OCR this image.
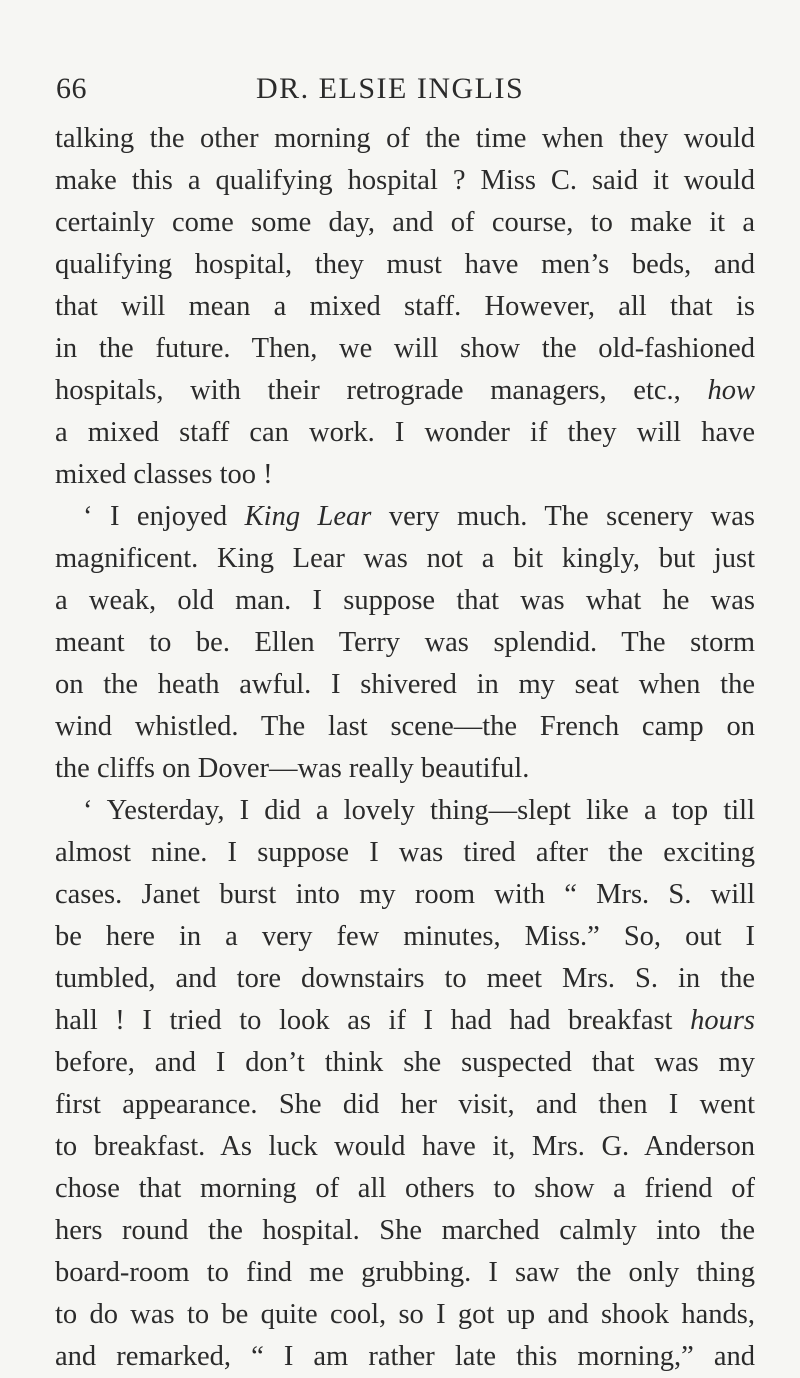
66	DR. ELSIE INGLIS
talking the other morning of the time when they would
make this a qualifying hospital ? Miss C. said it would
certainly come some day, and of course, to make it a
qualifying hospital, they must have men’s beds, and
that will mean a mixed staff. However, all that is
in the future. Then, we will show the old-fashioned
hospitals, with their retrograde managers, etc., how
a mixed staff can work. I wonder if they will have
mixed classes too !
‘ I enjoyed King Lear very much. The scenery was
magnificent. King Lear was not a bit kingly, but just
a weak, old man. I suppose that was what he was
meant to be. Ellen Terry was splendid. The storm
on the heath awful. I shivered in my seat when the
wind whistled. The last scene—the French camp on
the cliffs on Dover—was really beautiful.
‘ Yesterday, I did a lovely thing—slept like a top till
almost nine. I suppose I was tired after the exciting
cases. Janet burst into my room with “ Mrs. S. will
be here in a very few minutes, Miss.” So, out I
tumbled, and tore downstairs to meet Mrs. S. in the
hall ! I tried to look as if I had had breakfast hours
before, and I don’t think she suspected that was my
first appearance. She did her visit, and then I went
to breakfast. As luck would have it, Mrs. G. Anderson
chose that morning of all others to show a friend of
hers round the hospital. She marched calmly into the
board-room to find me grubbing. I saw the only thing
to do was to be quite cool, so I got up and shook hands,
and remarked, “ I am rather late this morning,” and
